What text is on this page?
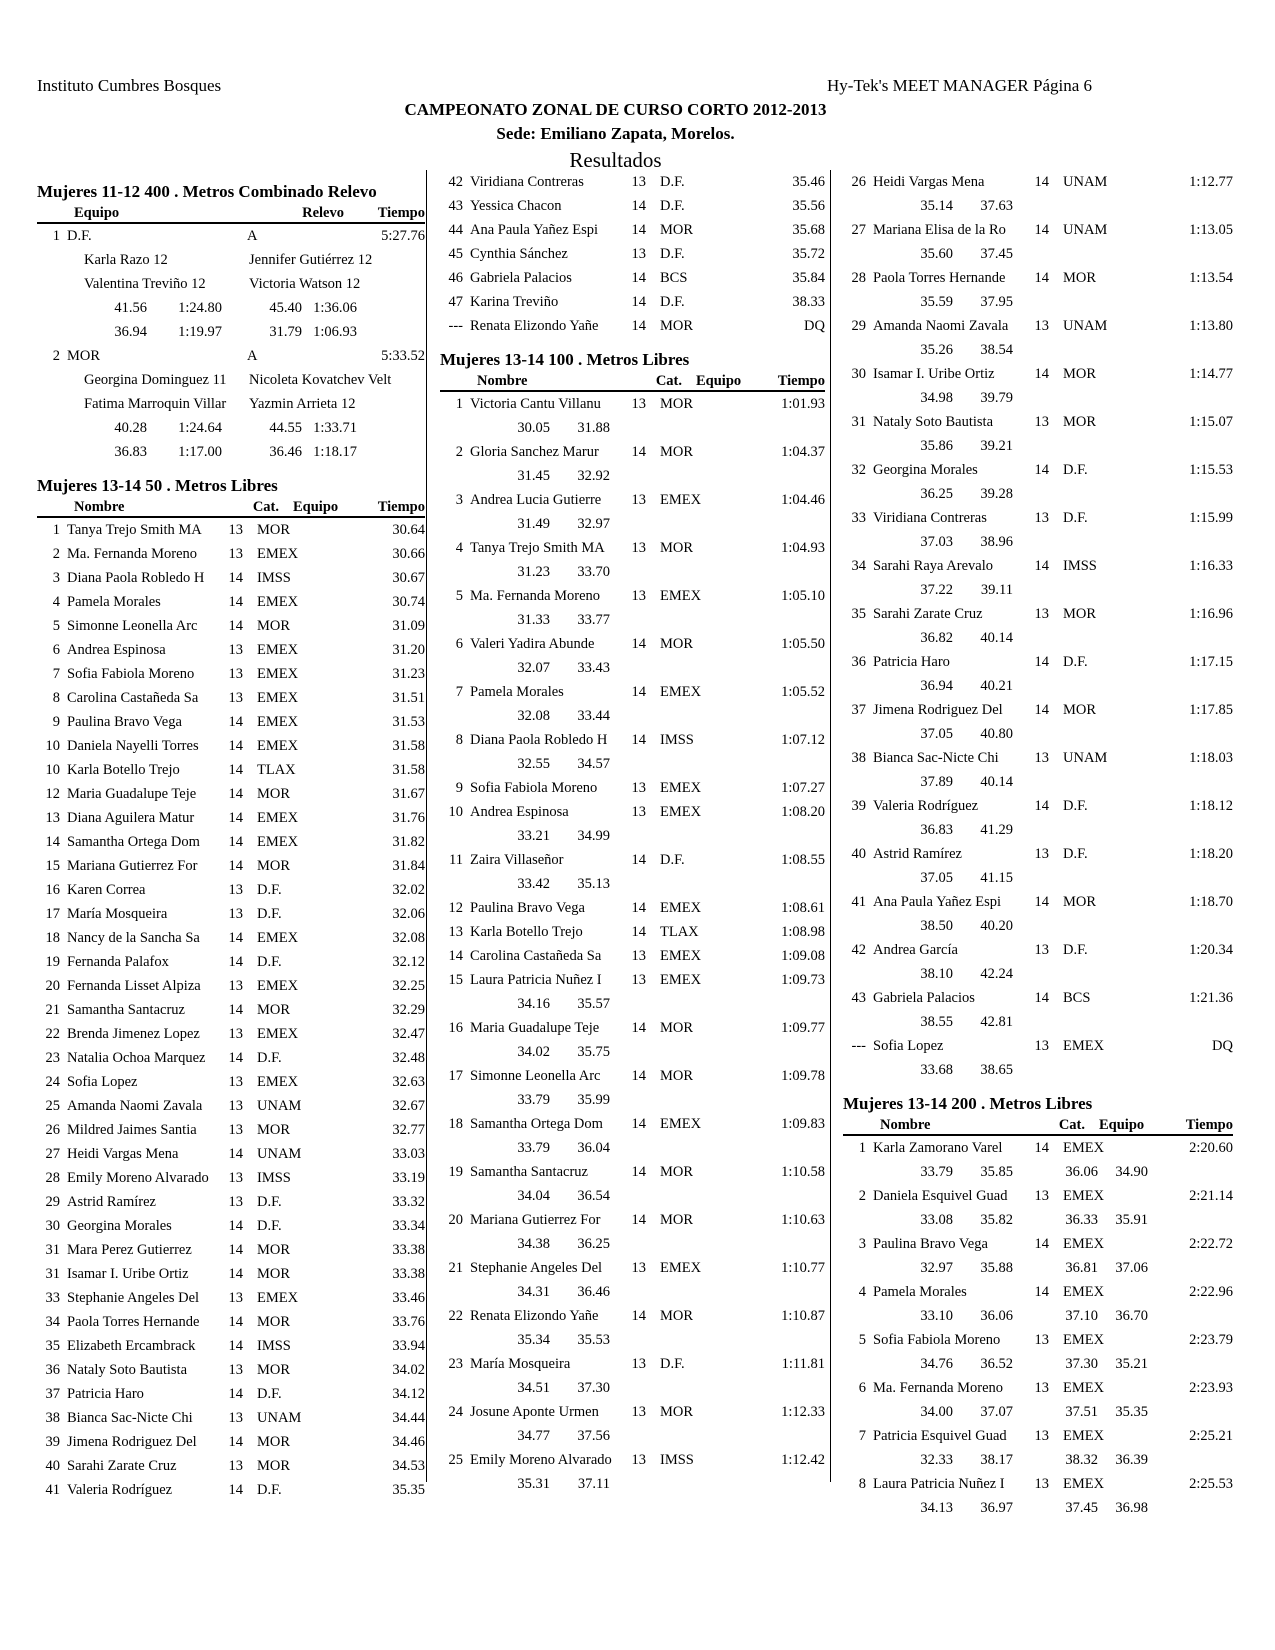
Instituto Cumbres Bosques	Hy-Tek's MEET MANAGER Página 6
CAMPEONATO ZONAL DE CURSO CORTO 2012-2013
Sede: Emiliano Zapata, Morelos.
Resultados
Mujeres 11-12 400 . Metros Combinado Relevo
Equipo	Relevo	Tiempo
1 D.F.	A	5:27.76
Karla Razo 12	Jennifer Gutiérrez 12
Valentina Treviño 12	Victoria Watson 12
41.56	1:24.80	45.40 1:36.06
36.94	1:19.97	31.79 1:06.93
2 MOR	A	5:33.52
Georgina Dominguez 11	Nicoleta Kovatchev Velt
Fatima Marroquin Villar	Yazmin Arrieta 12
40.28	1:24.64	44.55 1:33.71
36.83	1:17.00	36.46 1:18.17
Mujeres 13-14 50 . Metros Libres
Nombre	Cat. Equipo	Tiempo
1 Tanya Trejo Smith MA	13 MOR	30.64
2 Ma. Fernanda Moreno	13 EMEX	30.66
3 Diana Paola Robledo H	14 IMSS	30.67
4 Pamela Morales	14 EMEX	30.74
5 Simonne Leonella Arc	14 MOR	31.09
6 Andrea Espinosa	13 EMEX	31.20
7 Sofia Fabiola Moreno	13 EMEX	31.23
8 Carolina Castañeda Sa	13 EMEX	31.51
9 Paulina Bravo Vega	14 EMEX	31.53
10 Daniela Nayelli Torres	14 EMEX	31.58
10 Karla Botello Trejo	14 TLAX	31.58
12 Maria Guadalupe Teje	14 MOR	31.67
13 Diana Aguilera Matur	14 EMEX	31.76
14 Samantha Ortega Dom	14 EMEX	31.82
15 Mariana Gutierrez For	14 MOR	31.84
16 Karen Correa	13 D.F.	32.02
17 María Mosqueira	13 D.F.	32.06
18 Nancy de la Sancha Sa	14 EMEX	32.08
19 Fernanda Palafox	14 D.F.	32.12
20 Fernanda Lisset Alpiza	13 EMEX	32.25
21 Samantha Santacruz	14 MOR	32.29
22 Brenda Jimenez Lopez	13 EMEX	32.47
23 Natalia Ochoa Marquez	14 D.F.	32.48
24 Sofia Lopez	13 EMEX	32.63
25 Amanda Naomi Zavala	13 UNAM	32.67
26 Mildred Jaimes Santia	13 MOR	32.77
27 Heidi Vargas Mena	14 UNAM	33.03
28 Emily Moreno Alvarado	13 IMSS	33.19
29 Astrid Ramírez	13 D.F.	33.32
30 Georgina Morales	14 D.F.	33.34
31 Mara Perez Gutierrez	14 MOR	33.38
31 Isamar I. Uribe Ortiz	14 MOR	33.38
33 Stephanie Angeles Del	13 EMEX	33.46
34 Paola Torres Hernande	14 MOR	33.76
35 Elizabeth Ercambrack	14 IMSS	33.94
36 Nataly Soto Bautista	13 MOR	34.02
37 Patricia Haro	14 D.F.	34.12
38 Bianca Sac-Nicte Chi	13 UNAM	34.44
39 Jimena Rodriguez Del	14 MOR	34.46
40 Sarahi Zarate Cruz	13 MOR	34.53
41 Valeria Rodríguez	14 D.F.	35.35
42 Viridiana Contreras	13 D.F.	35.46
43 Yessica Chacon	14 D.F.	35.56
44 Ana Paula Yañez Espi	14 MOR	35.68
45 Cynthia Sánchez	13 D.F.	35.72
46 Gabriela Palacios	14 BCS	35.84
47 Karina Treviño	14 D.F.	38.33
--- Renata Elizondo Yañe	14 MOR	DQ
Mujeres 13-14 100 . Metros Libres
Nombre	Cat. Equipo	Tiempo
1 Victoria Cantu Villanu	13 MOR	1:01.93
30.05	31.88
2 Gloria Sanchez Marur	14 MOR	1:04.37
31.45	32.92
3 Andrea Lucia Gutierre	13 EMEX	1:04.46
31.49	32.97
4 Tanya Trejo Smith MA	13 MOR	1:04.93
31.23	33.70
5 Ma. Fernanda Moreno	13 EMEX	1:05.10
31.33	33.77
6 Valeri Yadira Abunde	14 MOR	1:05.50
32.07	33.43
7 Pamela Morales	14 EMEX	1:05.52
32.08	33.44
8 Diana Paola Robledo H	14 IMSS	1:07.12
32.55	34.57
9 Sofia Fabiola Moreno	13 EMEX	1:07.27
10 Andrea Espinosa	13 EMEX	1:08.20
33.21	34.99
11 Zaira Villaseñor	14 D.F.	1:08.55
33.42	35.13
12 Paulina Bravo Vega	14 EMEX	1:08.61
13 Karla Botello Trejo	14 TLAX	1:08.98
14 Carolina Castañeda Sa	13 EMEX	1:09.08
15 Laura Patricia Nuñez I	13 EMEX	1:09.73
34.16	35.57
16 Maria Guadalupe Teje	14 MOR	1:09.77
34.02	35.75
17 Simonne Leonella Arc	14 MOR	1:09.78
33.79	35.99
18 Samantha Ortega Dom	14 EMEX	1:09.83
33.79	36.04
19 Samantha Santacruz	14 MOR	1:10.58
34.04	36.54
20 Mariana Gutierrez For	14 MOR	1:10.63
34.38	36.25
21 Stephanie Angeles Del	13 EMEX	1:10.77
34.31	36.46
22 Renata Elizondo Yañe	14 MOR	1:10.87
35.34	35.53
23 María Mosqueira	13 D.F.	1:11.81
34.51	37.30
24 Josune Aponte Urmen	13 MOR	1:12.33
34.77	37.56
25 Emily Moreno Alvarado	13 IMSS	1:12.42
35.31	37.11
26 Heidi Vargas Mena	14 UNAM	1:12.77
35.14	37.63
27 Mariana Elisa de la Ro	14 UNAM	1:13.05
35.60	37.45
28 Paola Torres Hernande	14 MOR	1:13.54
35.59	37.95
29 Amanda Naomi Zavala	13 UNAM	1:13.80
35.26	38.54
30 Isamar I. Uribe Ortiz	14 MOR	1:14.77
34.98	39.79
31 Nataly Soto Bautista	13 MOR	1:15.07
35.86	39.21
32 Georgina Morales	14 D.F.	1:15.53
36.25	39.28
33 Viridiana Contreras	13 D.F.	1:15.99
37.03	38.96
34 Sarahi Raya Arevalo	14 IMSS	1:16.33
37.22	39.11
35 Sarahi Zarate Cruz	13 MOR	1:16.96
36.82	40.14
36 Patricia Haro	14 D.F.	1:17.15
36.94	40.21
37 Jimena Rodriguez Del	14 MOR	1:17.85
37.05	40.80
38 Bianca Sac-Nicte Chi	13 UNAM	1:18.03
37.89	40.14
39 Valeria Rodríguez	14 D.F.	1:18.12
36.83	41.29
40 Astrid Ramírez	13 D.F.	1:18.20
37.05	41.15
41 Ana Paula Yañez Espi	14 MOR	1:18.70
38.50	40.20
42 Andrea García	13 D.F.	1:20.34
38.10	42.24
43 Gabriela Palacios	14 BCS	1:21.36
38.55	42.81
--- Sofia Lopez	13 EMEX	DQ
33.68	38.65
Mujeres 13-14 200 . Metros Libres
Nombre	Cat. Equipo	Tiempo
1 Karla Zamorano Varel	14 EMEX	2:20.60
33.79	35.85	36.06	34.90
2 Daniela Esquivel Guad	13 EMEX	2:21.14
33.08	35.82	36.33	35.91
3 Paulina Bravo Vega	14 EMEX	2:22.72
32.97	35.88	36.81	37.06
4 Pamela Morales	14 EMEX	2:22.96
33.10	36.06	37.10	36.70
5 Sofia Fabiola Moreno	13 EMEX	2:23.79
34.76	36.52	37.30	35.21
6 Ma. Fernanda Moreno	13 EMEX	2:23.93
34.00	37.07	37.51	35.35
7 Patricia Esquivel Guad	13 EMEX	2:25.21
32.33	38.17	38.32	36.39
8 Laura Patricia Nuñez I	13 EMEX	2:25.53
34.13	36.97	37.45	36.98
